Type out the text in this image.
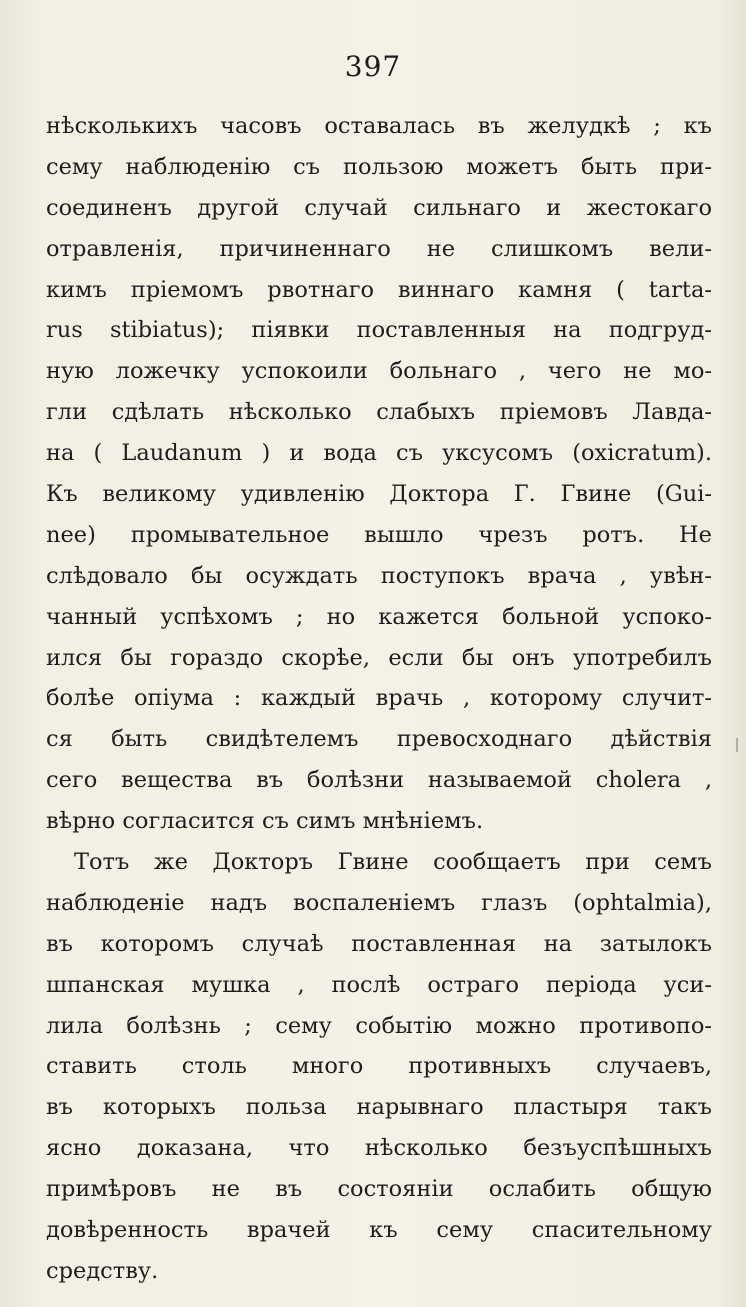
397
нѣсколькихъ часовъ оставалась въ желудкѣ ; къ
сему наблюденію съ пользою можетъ быть при-
соединенъ другой случай сильнаго и жестокаго
отравленія, причиненнаго не слишкомъ вели-
кимъ пріемомъ рвотнаго виннаго камня ( tarta-
rus stibiatus); піявки поставленныя на подгруд-
ную ложечку успокоили больнаго , чего не мо-
гли сдѣлать нѣсколько слабыхъ пріемовъ Лавда-
на ( Laudanum ) и вода съ уксусомъ (oxicratum).
Къ великому удивленію Доктора Г. Гвине (Gui-
nee) промывательное вышло чрезъ ротъ. Не
слѣдовало бы осуждать поступокъ врача , увѣн-
чанный успѣхомъ ; но кажется больной успоко-
ился бы гораздо скорѣе, если бы онъ употребилъ
болѣе опіума : каждый врачь , которому случит-
ся быть свидѣтелемъ превосходнаго дѣйствія
сего вещества въ болѣзни называемой cholera ,
вѣрно согласится съ симъ мнѣніемъ.
Тотъ же Докторъ Гвине сообщаетъ при семъ
наблюденіе надъ воспаленіемъ глазъ (ophtalmia),
въ которомъ случаѣ поставленная на затылокъ
шпанская мушка , послѣ остраго періода уси-
лила болѣзнь ; сему событію можно противопо-
ставить столь много противныхъ случаевъ,
въ которыхъ польза нарывнаго пластыря такъ
ясно доказана, что нѣсколько безъуспѣшныхъ
примѣровъ не въ состояніи ослабить общую
довѣренность врачей къ сему спасительному
средству.
